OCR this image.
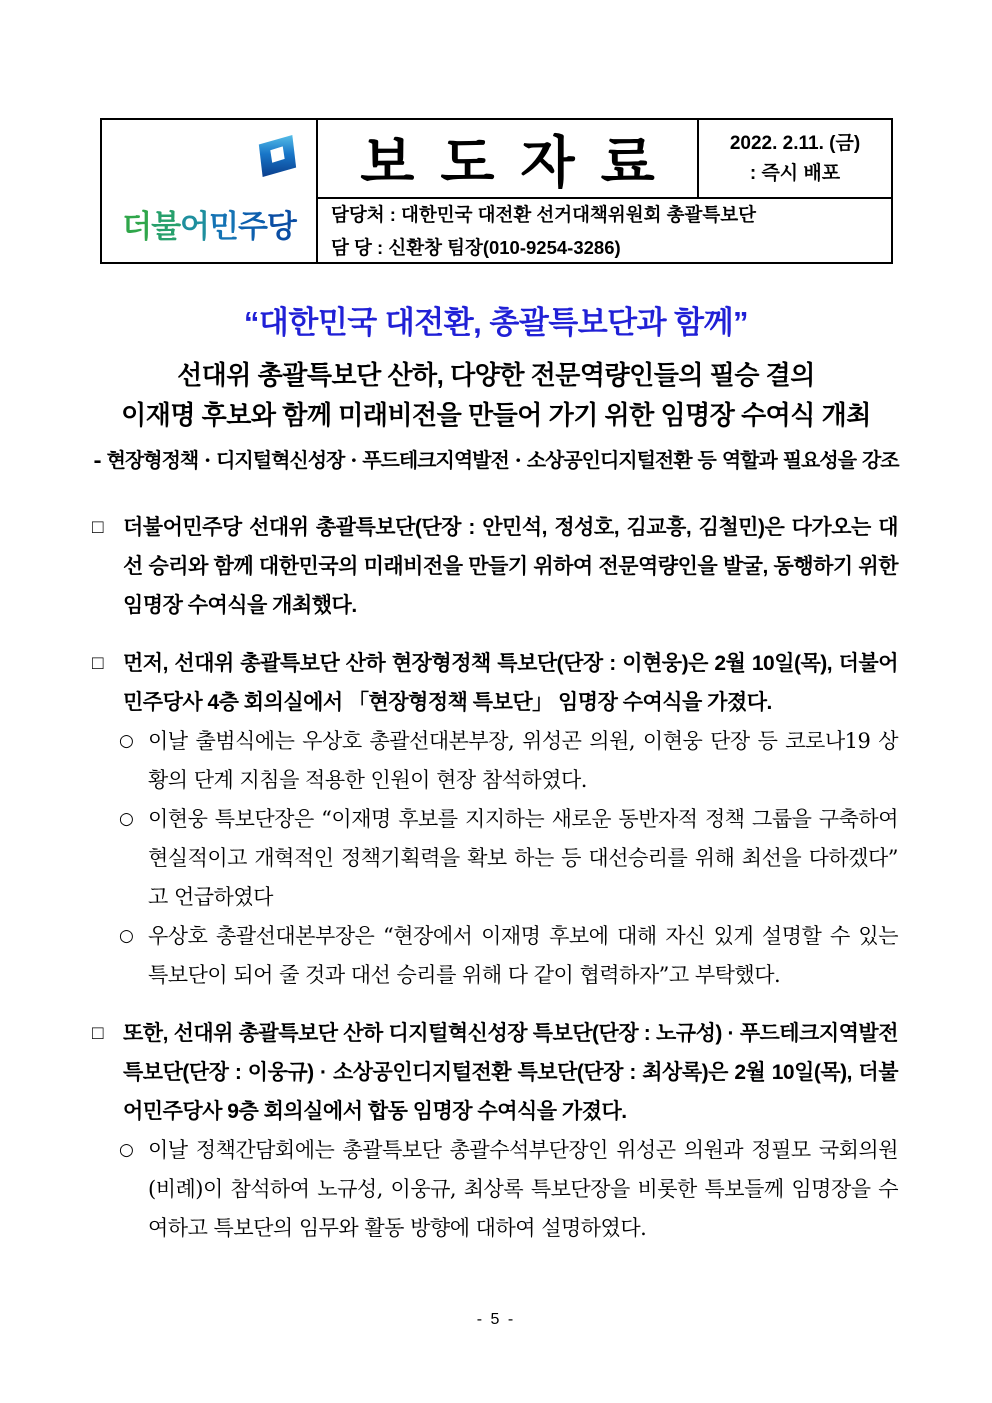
더불어민주당
보도자료	2022. 2.11. (금)
: 즉시 배포
담당처 : 대한민국 대전환 선거대책위원회 총괄특보단
담 당 : 신환창 팀장(010-9254-3286)
“대한민국 대전환, 총괄특보단과 함께”
선대위 총괄특보단 산하, 다양한 전문역량인들의 필승 결의
이재명 후보와 함께 미래비전을 만들어 가기 위한 임명장 수여식 개최
- 현장형정책 · 디지털혁신성장 · 푸드테크지역발전 · 소상공인디지털전환 등 역할과 필요성을 강조

□ 더불어민주당 선대위 총괄특보단(단장 : 안민석, 정성호, 김교흥, 김철민)은 다가오는 대선 승리와 함께 대한민국의 미래비전을 만들기 위하여 전문역량인을 발굴, 동행하기 위한 임명장 수여식을 개최했다.

□ 먼저, 선대위 총괄특보단 산하 현장형정책 특보단(단장 : 이현웅)은 2월 10일(목), 더불어민주당사 4층 회의실에서 「현장형정책 특보단」 임명장 수여식을 가졌다.

○ 이날 출범식에는 우상호 총괄선대본부장, 위성곤 의원, 이현웅 단장 등 코로나19 상황의 단계 지침을 적용한 인원이 현장 참석하였다.

○ 이현웅 특보단장은 “이재명 후보를 지지하는 새로운 동반자적 정책 그룹을 구축하여 현실적이고 개혁적인 정책기획력을 확보 하는 등 대선승리를 위해 최선을 다하겠다” 고 언급하였다

○ 우상호 총괄선대본부장은 “현장에서 이재명 후보에 대해 자신 있게 설명할 수 있는 특보단이 되어 줄 것과 대선 승리를 위해 다 같이 협력하자”고 부탁했다.

□ 또한, 선대위 총괄특보단 산하 디지털혁신성장 특보단(단장 : 노규성) · 푸드테크지역발전 특보단(단장 : 이웅규) · 소상공인디지털전환 특보단(단장 : 최상록)은 2월 10일(목), 더불어민주당사 9층 회의실에서 합동 임명장 수여식을 가졌다.

○ 이날 정책간담회에는 총괄특보단 총괄수석부단장인 위성곤 의원과 정필모 국회의원(비례)이 참석하여 노규성, 이웅규, 최상록 특보단장을 비롯한 특보들께 임명장을 수여하고 특보단의 임무와 활동 방향에 대하여 설명하였다.

- 5 -
